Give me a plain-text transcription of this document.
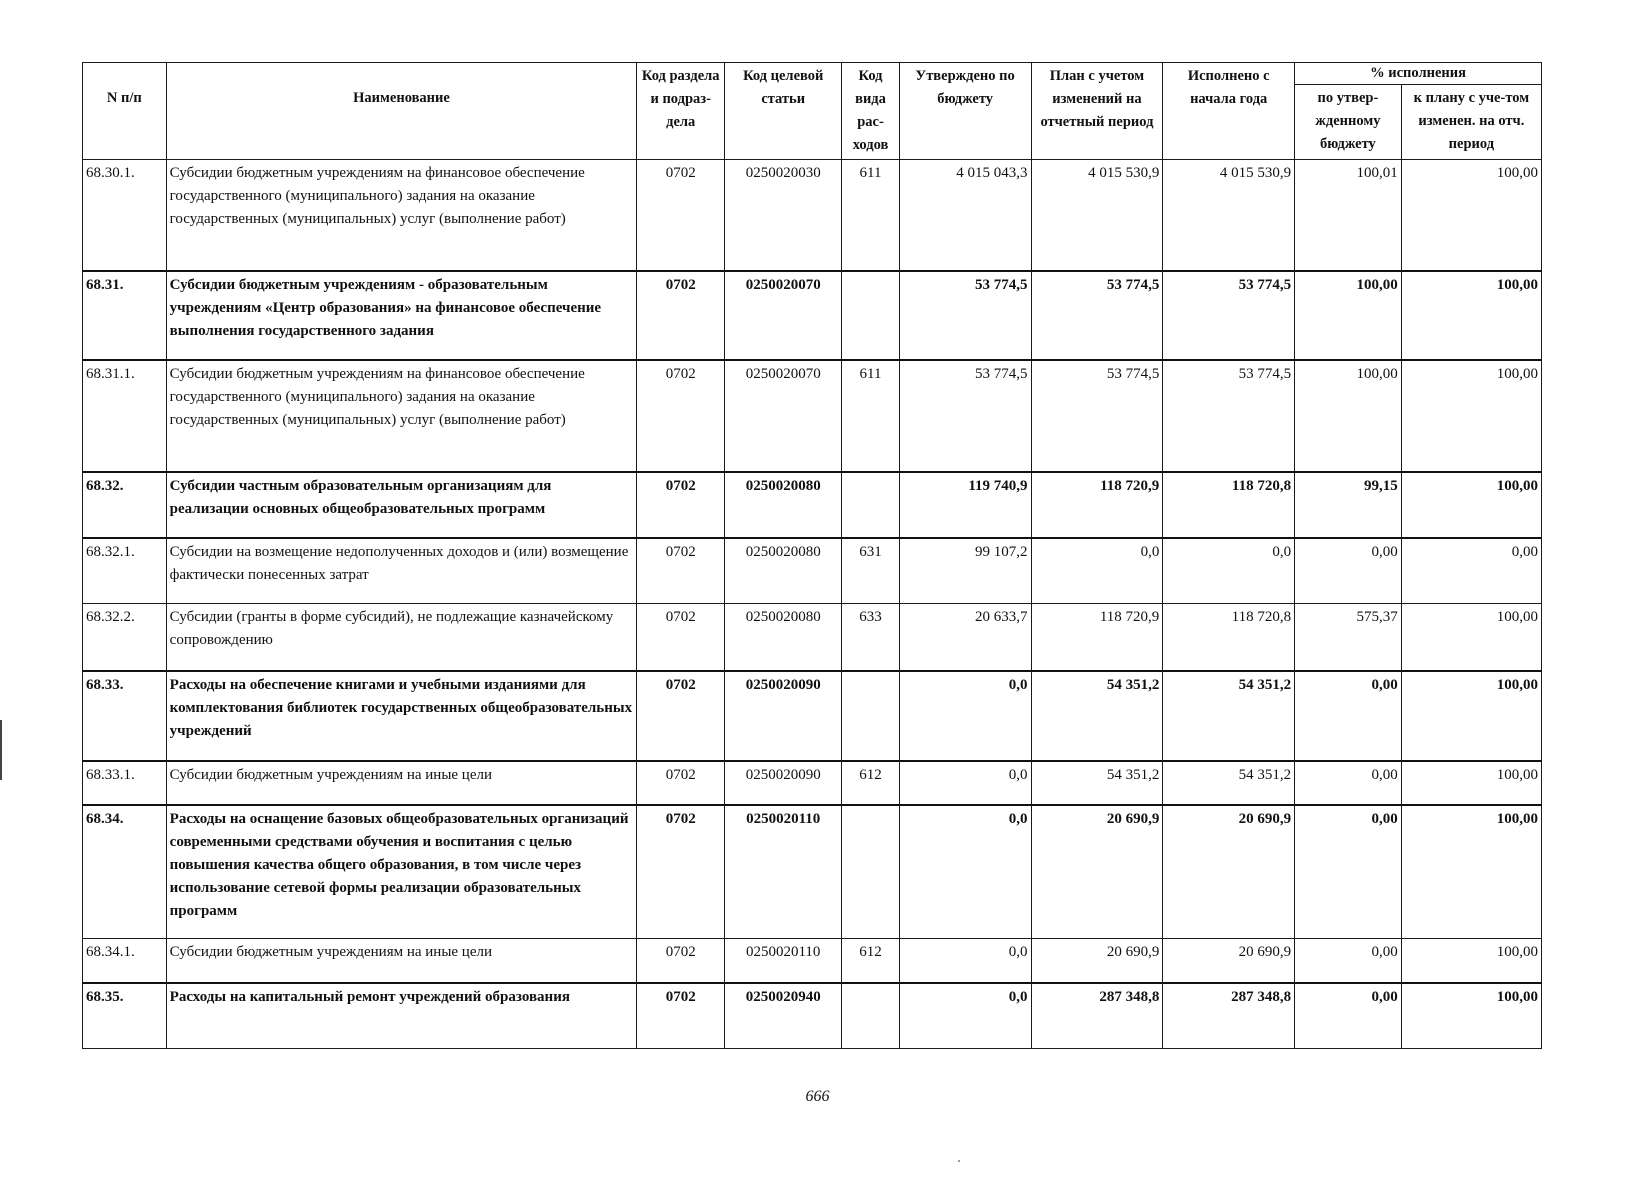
N п/п	Наименование	Код раздела и подраз-дела	Код целевой статьи	Код вида рас-ходов	Утверждено по бюджету	План с учетом изменений на отчетный период	Исполнено с начала года	% исполнения	
								по утвер-жденному бюджету	к плану с уче-том изменен. на отч. период
68.30.1.	Субсидии бюджетным учреждениям на финансовое обеспечение государственного (муниципального) задания на оказание государственных (муниципальных) услуг (выполнение работ)	0702	0250020030	611	4 015 043,3	4 015 530,9	4 015 530,9	100,01	100,00
68.31.	Субсидии бюджетным учреждениям - образовательным учреждениям «Центр образования» на финансовое обеспечение выполнения государственного задания	0702	0250020070		53 774,5	53 774,5	53 774,5	100,00	100,00
68.31.1.	Субсидии бюджетным учреждениям на финансовое обеспечение государственного (муниципального) задания на оказание государственных (муниципальных) услуг (выполнение работ)	0702	0250020070	611	53 774,5	53 774,5	53 774,5	100,00	100,00
68.32.	Субсидии частным образовательным организациям для реализации основных общеобразовательных программ	0702	0250020080		119 740,9	118 720,9	118 720,8	99,15	100,00
68.32.1.	Субсидии на возмещение недополученных доходов и (или) возмещение фактически понесенных затрат	0702	0250020080	631	99 107,2	0,0	0,0	0,00	0,00
68.32.2.	Субсидии (гранты в форме субсидий), не подлежащие казначейскому сопровождению	0702	0250020080	633	20 633,7	118 720,9	118 720,8	575,37	100,00
68.33.	Расходы на обеспечение книгами и учебными изданиями для комплектования библиотек государственных общеобразовательных учреждений	0702	0250020090		0,0	54 351,2	54 351,2	0,00	100,00
68.33.1.	Субсидии бюджетным учреждениям на иные цели	0702	0250020090	612	0,0	54 351,2	54 351,2	0,00	100,00
68.34.	Расходы на оснащение базовых общеобразовательных организаций современными средствами обучения и воспитания с целью повышения качества общего образования, в том числе через использование сетевой формы реализации образовательных программ	0702	0250020110		0,0	20 690,9	20 690,9	0,00	100,00
68.34.1.	Субсидии бюджетным учреждениям на иные цели	0702	0250020110	612	0,0	20 690,9	20 690,9	0,00	100,00
68.35.	Расходы на капитальный ремонт учреждений образования	0702	0250020940		0,0	287 348,8	287 348,8	0,00	100,00
666
